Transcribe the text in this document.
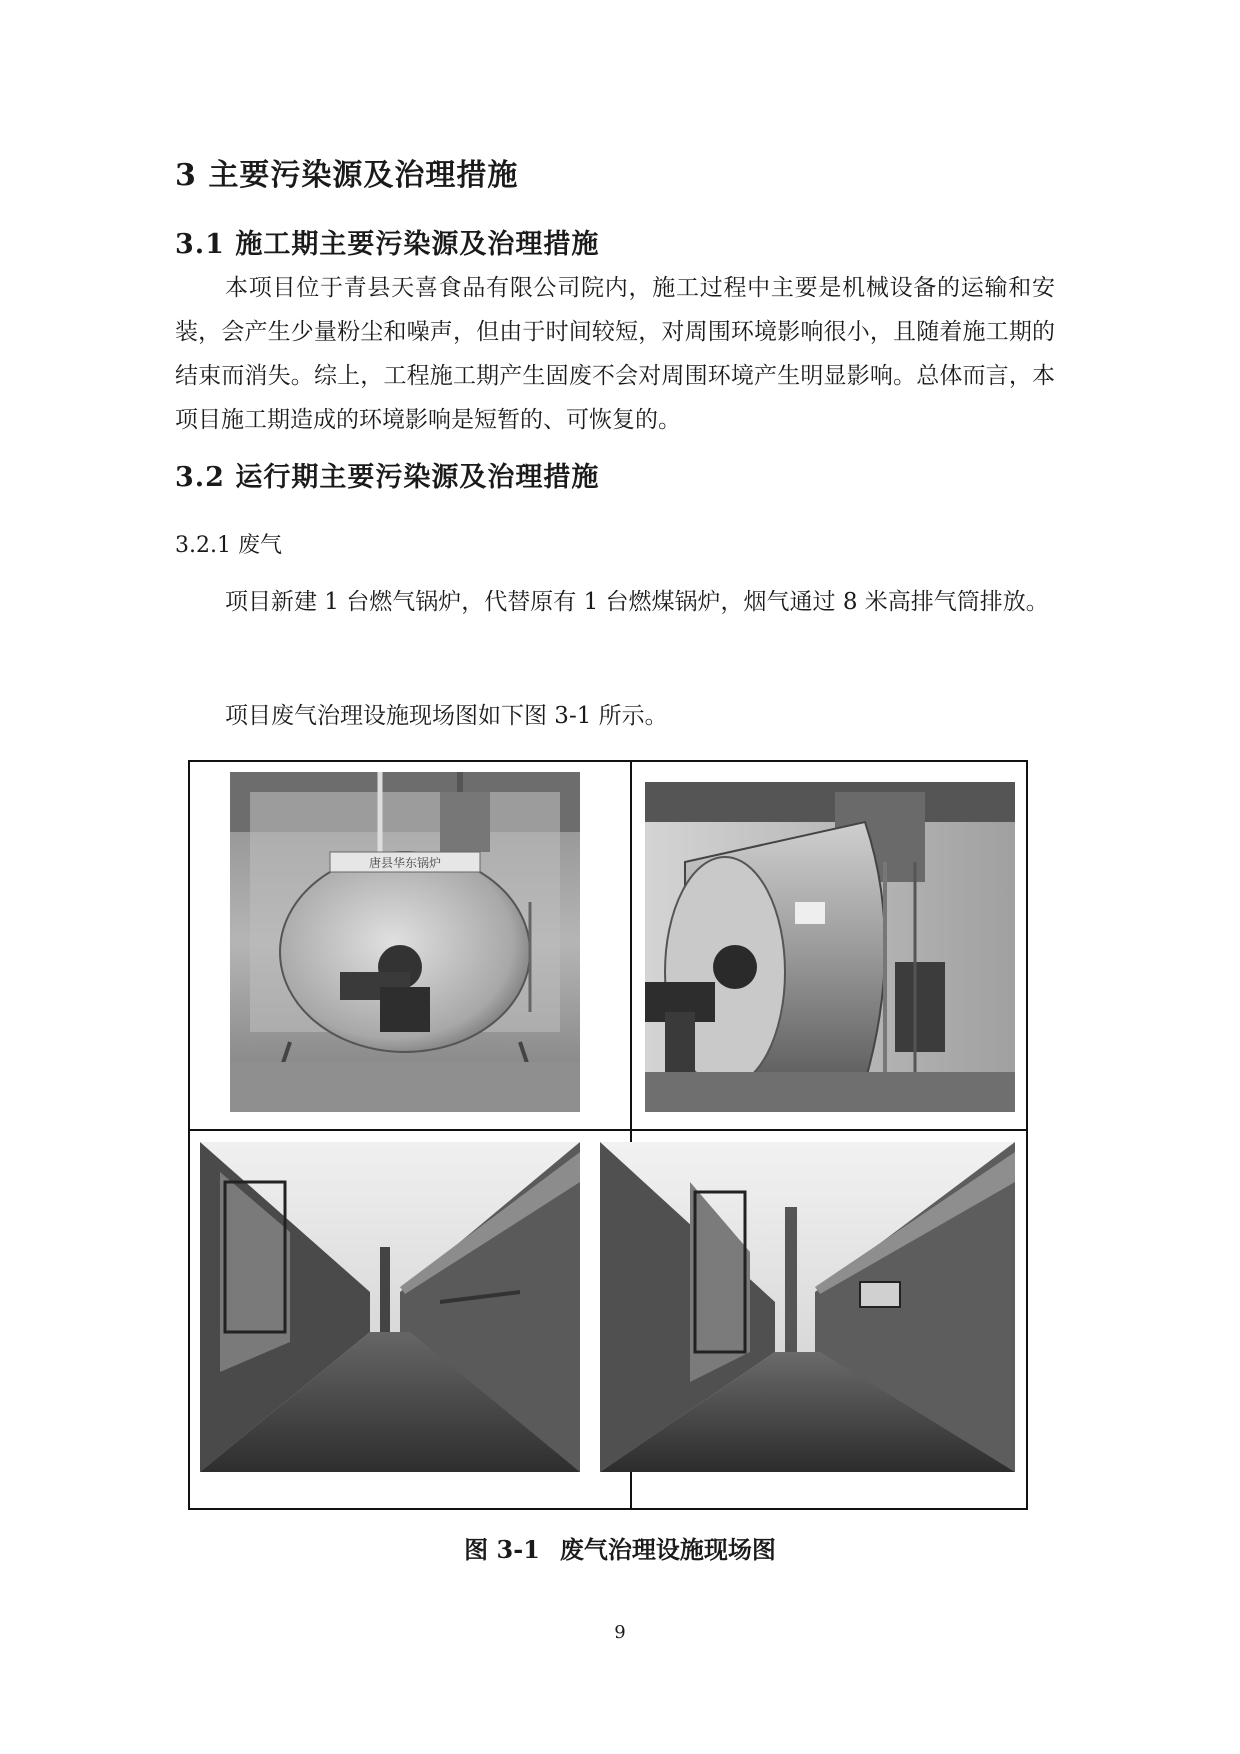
3 主要污染源及治理措施
3.1 施工期主要污染源及治理措施

本项目位于青县天喜食品有限公司院内，施工过程中主要是机械设备的运输和安装，会产生少量粉尘和噪声，但由于时间较短，对周围环境影响很小，且随着施工期的结束而消失。综上，工程施工期产生固废不会对周围环境产生明显影响。总体而言，本项目施工期造成的环境影响是短暂的、可恢复的。

3.2 运行期主要污染源及治理措施
3.2.1 废气

项目新建 1 台燃气锅炉，代替原有 1 台燃煤锅炉，烟气通过 8 米高排气筒排放。

项目废气治理设施现场图如下图 3-1 所示。

唐县华东锅炉
图 3-1 废气治理设施现场图
9
